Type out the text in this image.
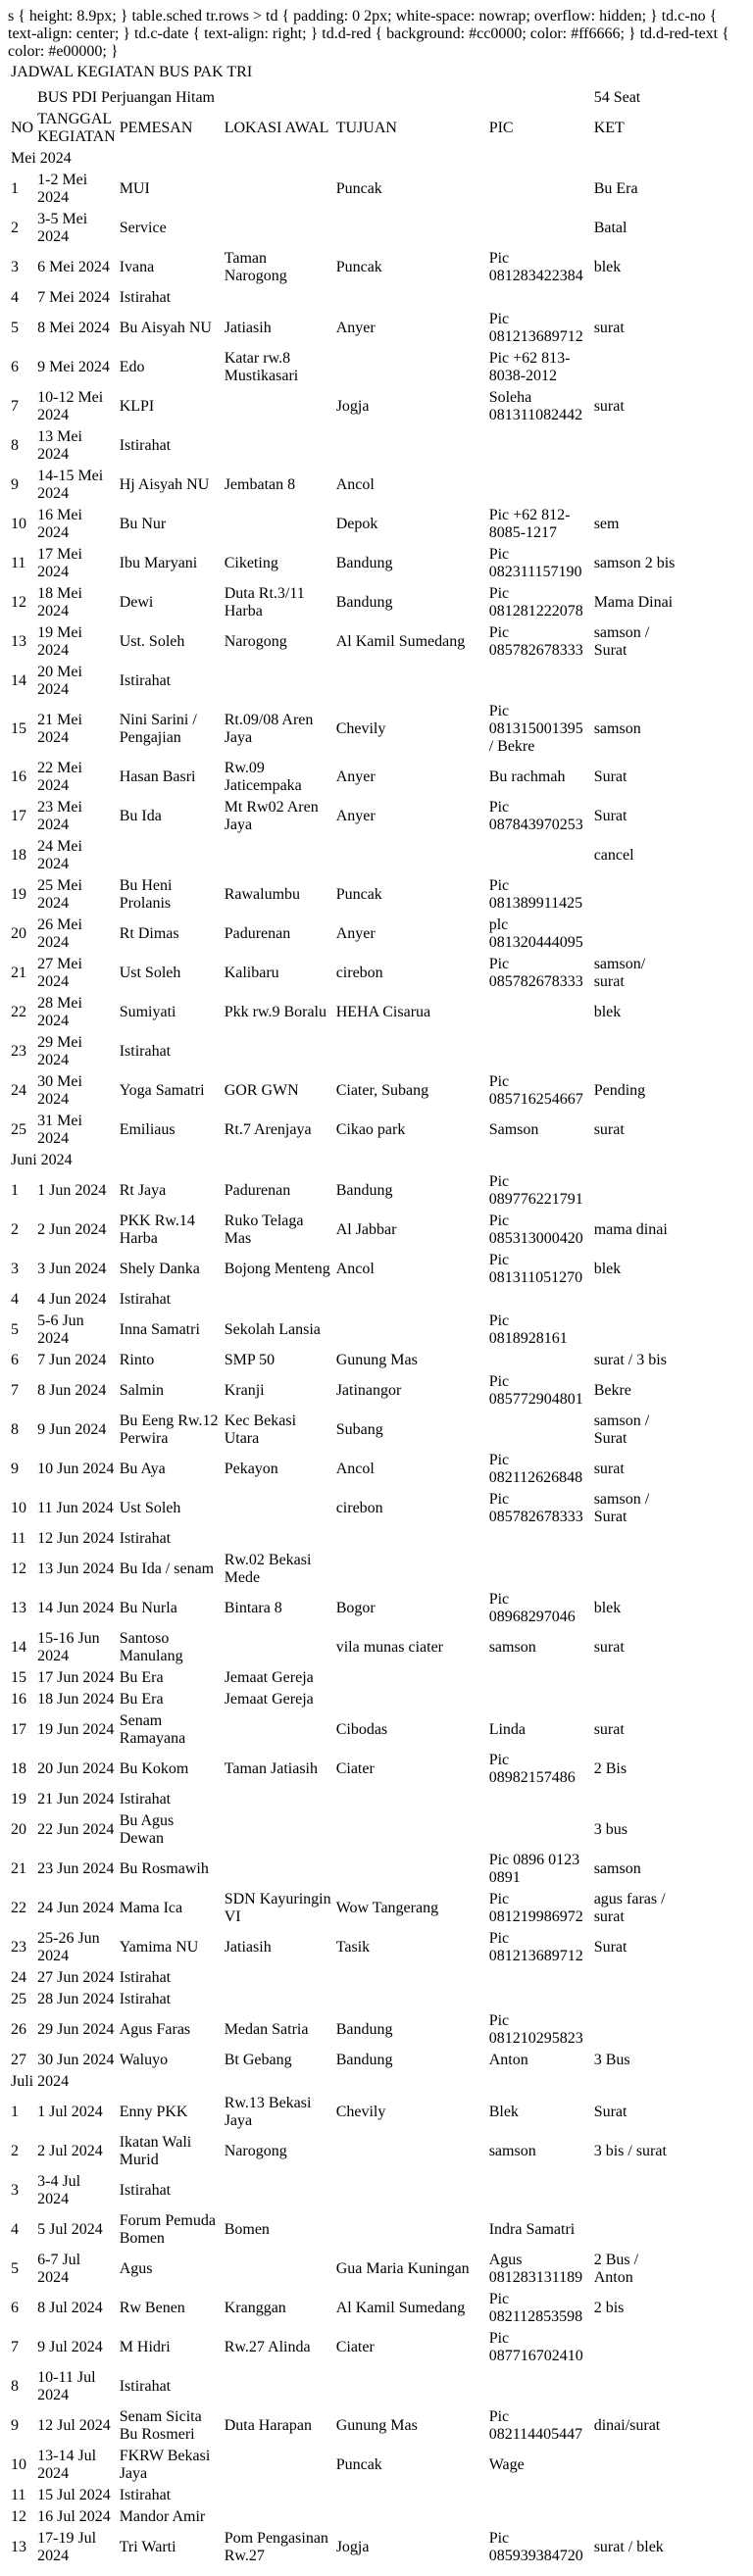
s { height: 8.9px; } table.sched tr.rows > td { padding: 0 2px; white-space: nowrap; overflow: hidden; } td.c-no { text-align: center; } td.c-date { text-align: right; } td.d-red { background: #cc0000; color: #ff6666; } td.d-red-text { color: #e00000; }
JADWAL KEGIATAN BUS PAK TRI						

	BUS PDI Perjuangan Hitam					54 Seat
NO	TANGGAL KEGIATAN	PEMESAN	LOKASI AWAL	TUJUAN	PIC	KET
Mei 2024						
1	1-2 Mei 2024	MUI		Puncak		Bu Era
2	3-5 Mei 2024	Service				Batal
3	6 Mei 2024	Ivana	Taman Narogong	Puncak	Pic 081283422384	blek
4	7 Mei 2024	Istirahat				
5	8 Mei 2024	Bu Aisyah NU	Jatiasih	Anyer	Pic 081213689712	surat
6	9 Mei 2024	Edo	Katar rw.8 Mustikasari		Pic +62 813-8038-2012	
7	10-12 Mei 2024	KLPI		Jogja	Soleha 081311082442	surat
8	13 Mei 2024	Istirahat				
9	14-15 Mei 2024	Hj Aisyah NU	Jembatan 8	Ancol		
10	16 Mei 2024	Bu Nur		Depok	Pic +62 812-8085-1217	sem
11	17 Mei 2024	Ibu Maryani	Ciketing	Bandung	Pic 082311157190	samson 2 bis
12	18 Mei 2024	Dewi	Duta Rt.3/11 Harba	Bandung	Pic 081281222078	Mama Dinai
13	19 Mei 2024	Ust. Soleh	Narogong	Al Kamil Sumedang	Pic 085782678333	samson / Surat
14	20 Mei 2024	Istirahat				
15	21 Mei 2024	Nini Sarini / Pengajian	Rt.09/08 Aren Jaya	Chevily	Pic 081315001395 / Bekre	samson
16	22 Mei 2024	Hasan Basri	Rw.09 Jaticempaka	Anyer	Bu rachmah	Surat
17	23 Mei 2024	Bu Ida	Mt Rw02 Aren Jaya	Anyer	Pic 087843970253	Surat
18	24 Mei 2024					cancel
19	25 Mei 2024	Bu Heni Prolanis	Rawalumbu	Puncak	Pic 081389911425	
20	26 Mei 2024	Rt Dimas	Padurenan	Anyer	plc 081320444095	
21	27 Mei 2024	Ust Soleh	Kalibaru	cirebon	Pic 085782678333	samson/ surat
22	28 Mei 2024	Sumiyati	Pkk rw.9 Boralu	HEHA Cisarua		blek
23	29 Mei 2024	Istirahat				
24	30 Mei 2024	Yoga Samatri	GOR GWN	Ciater, Subang	Pic 085716254667	Pending
25	31 Mei 2024	Emiliaus	Rt.7 Arenjaya	Cikao park	Samson	surat
Juni 2024						
1	1 Jun 2024	Rt Jaya	Padurenan	Bandung	Pic 089776221791	
2	2 Jun 2024	PKK Rw.14 Harba	Ruko Telaga Mas	Al Jabbar	Pic 085313000420	mama dinai
3	3 Jun 2024	Shely Danka	Bojong Menteng	Ancol	Pic 081311051270	blek
4	4 Jun 2024	Istirahat				
5	5-6 Jun 2024	Inna Samatri	Sekolah Lansia		Pic 0818928161	
6	7 Jun 2024	Rinto	SMP 50	Gunung Mas		surat / 3 bis
7	8 Jun 2024	Salmin	Kranji	Jatinangor	Pic 085772904801	Bekre
8	9 Jun 2024	Bu Eeng Rw.12 Perwira	Kec Bekasi Utara	Subang		samson / Surat
9	10 Jun 2024	Bu Aya	Pekayon	Ancol	Pic 082112626848	surat
10	11 Jun 2024	Ust Soleh		cirebon	Pic 085782678333	samson / Surat
11	12 Jun 2024	Istirahat				
12	13 Jun 2024	Bu Ida / senam	Rw.02 Bekasi Mede			
13	14 Jun 2024	Bu Nurla	Bintara 8	Bogor	Pic 08968297046	blek
14	15-16 Jun 2024	Santoso Manulang		vila munas ciater	samson	surat
15	17 Jun 2024	Bu Era	Jemaat Gereja			
16	18 Jun 2024	Bu Era	Jemaat Gereja			
17	19 Jun 2024	Senam Ramayana		Cibodas	Linda	surat
18	20 Jun 2024	Bu Kokom	Taman Jatiasih	Ciater	Pic 08982157486	2 Bis
19	21 Jun 2024	Istirahat				
20	22 Jun 2024	Bu Agus Dewan				3 bus
21	23 Jun 2024	Bu Rosmawih			Pic 0896 0123 0891	samson
22	24 Jun 2024	Mama Ica	SDN Kayuringin VI	Wow Tangerang	Pic 081219986972	agus faras / surat
23	25-26 Jun 2024	Yamima NU	Jatiasih	Tasik	Pic 081213689712	Surat
24	27 Jun 2024	Istirahat				
25	28 Jun 2024	Istirahat				
26	29 Jun 2024	Agus Faras	Medan Satria	Bandung	Pic 081210295823	
27	30 Jun 2024	Waluyo	Bt Gebang	Bandung	Anton	3 Bus
Juli 2024						
1	1 Jul 2024	Enny PKK	Rw.13 Bekasi Jaya	Chevily	Blek	Surat
2	2 Jul 2024	Ikatan Wali Murid	Narogong		samson	3 bis / surat
3	3-4 Jul 2024	Istirahat				
4	5 Jul 2024	Forum Pemuda Bomen	Bomen		Indra Samatri	
5	6-7 Jul 2024	Agus		Gua Maria Kuningan	Agus 081283131189	2 Bus / Anton
6	8 Jul 2024	Rw Benen	Kranggan	Al Kamil Sumedang	Pic 082112853598	2 bis
7	9 Jul 2024	M Hidri	Rw.27 Alinda	Ciater	Pic 087716702410	
8	10-11 Jul 2024	Istirahat				
9	12 Jul 2024	Senam Sicita Bu Rosmeri	Duta Harapan	Gunung Mas	Pic 082114405447	dinai/surat
10	13-14 Jul 2024	FKRW Bekasi Jaya		Puncak	Wage	
11	15 Jul 2024	Istirahat				
12	16 Jul 2024	Mandor Amir				
13	17-19 Jul 2024	Tri Warti	Pom Pengasinan Rw.27	Jogja	Pic 085939384720	surat / blek
